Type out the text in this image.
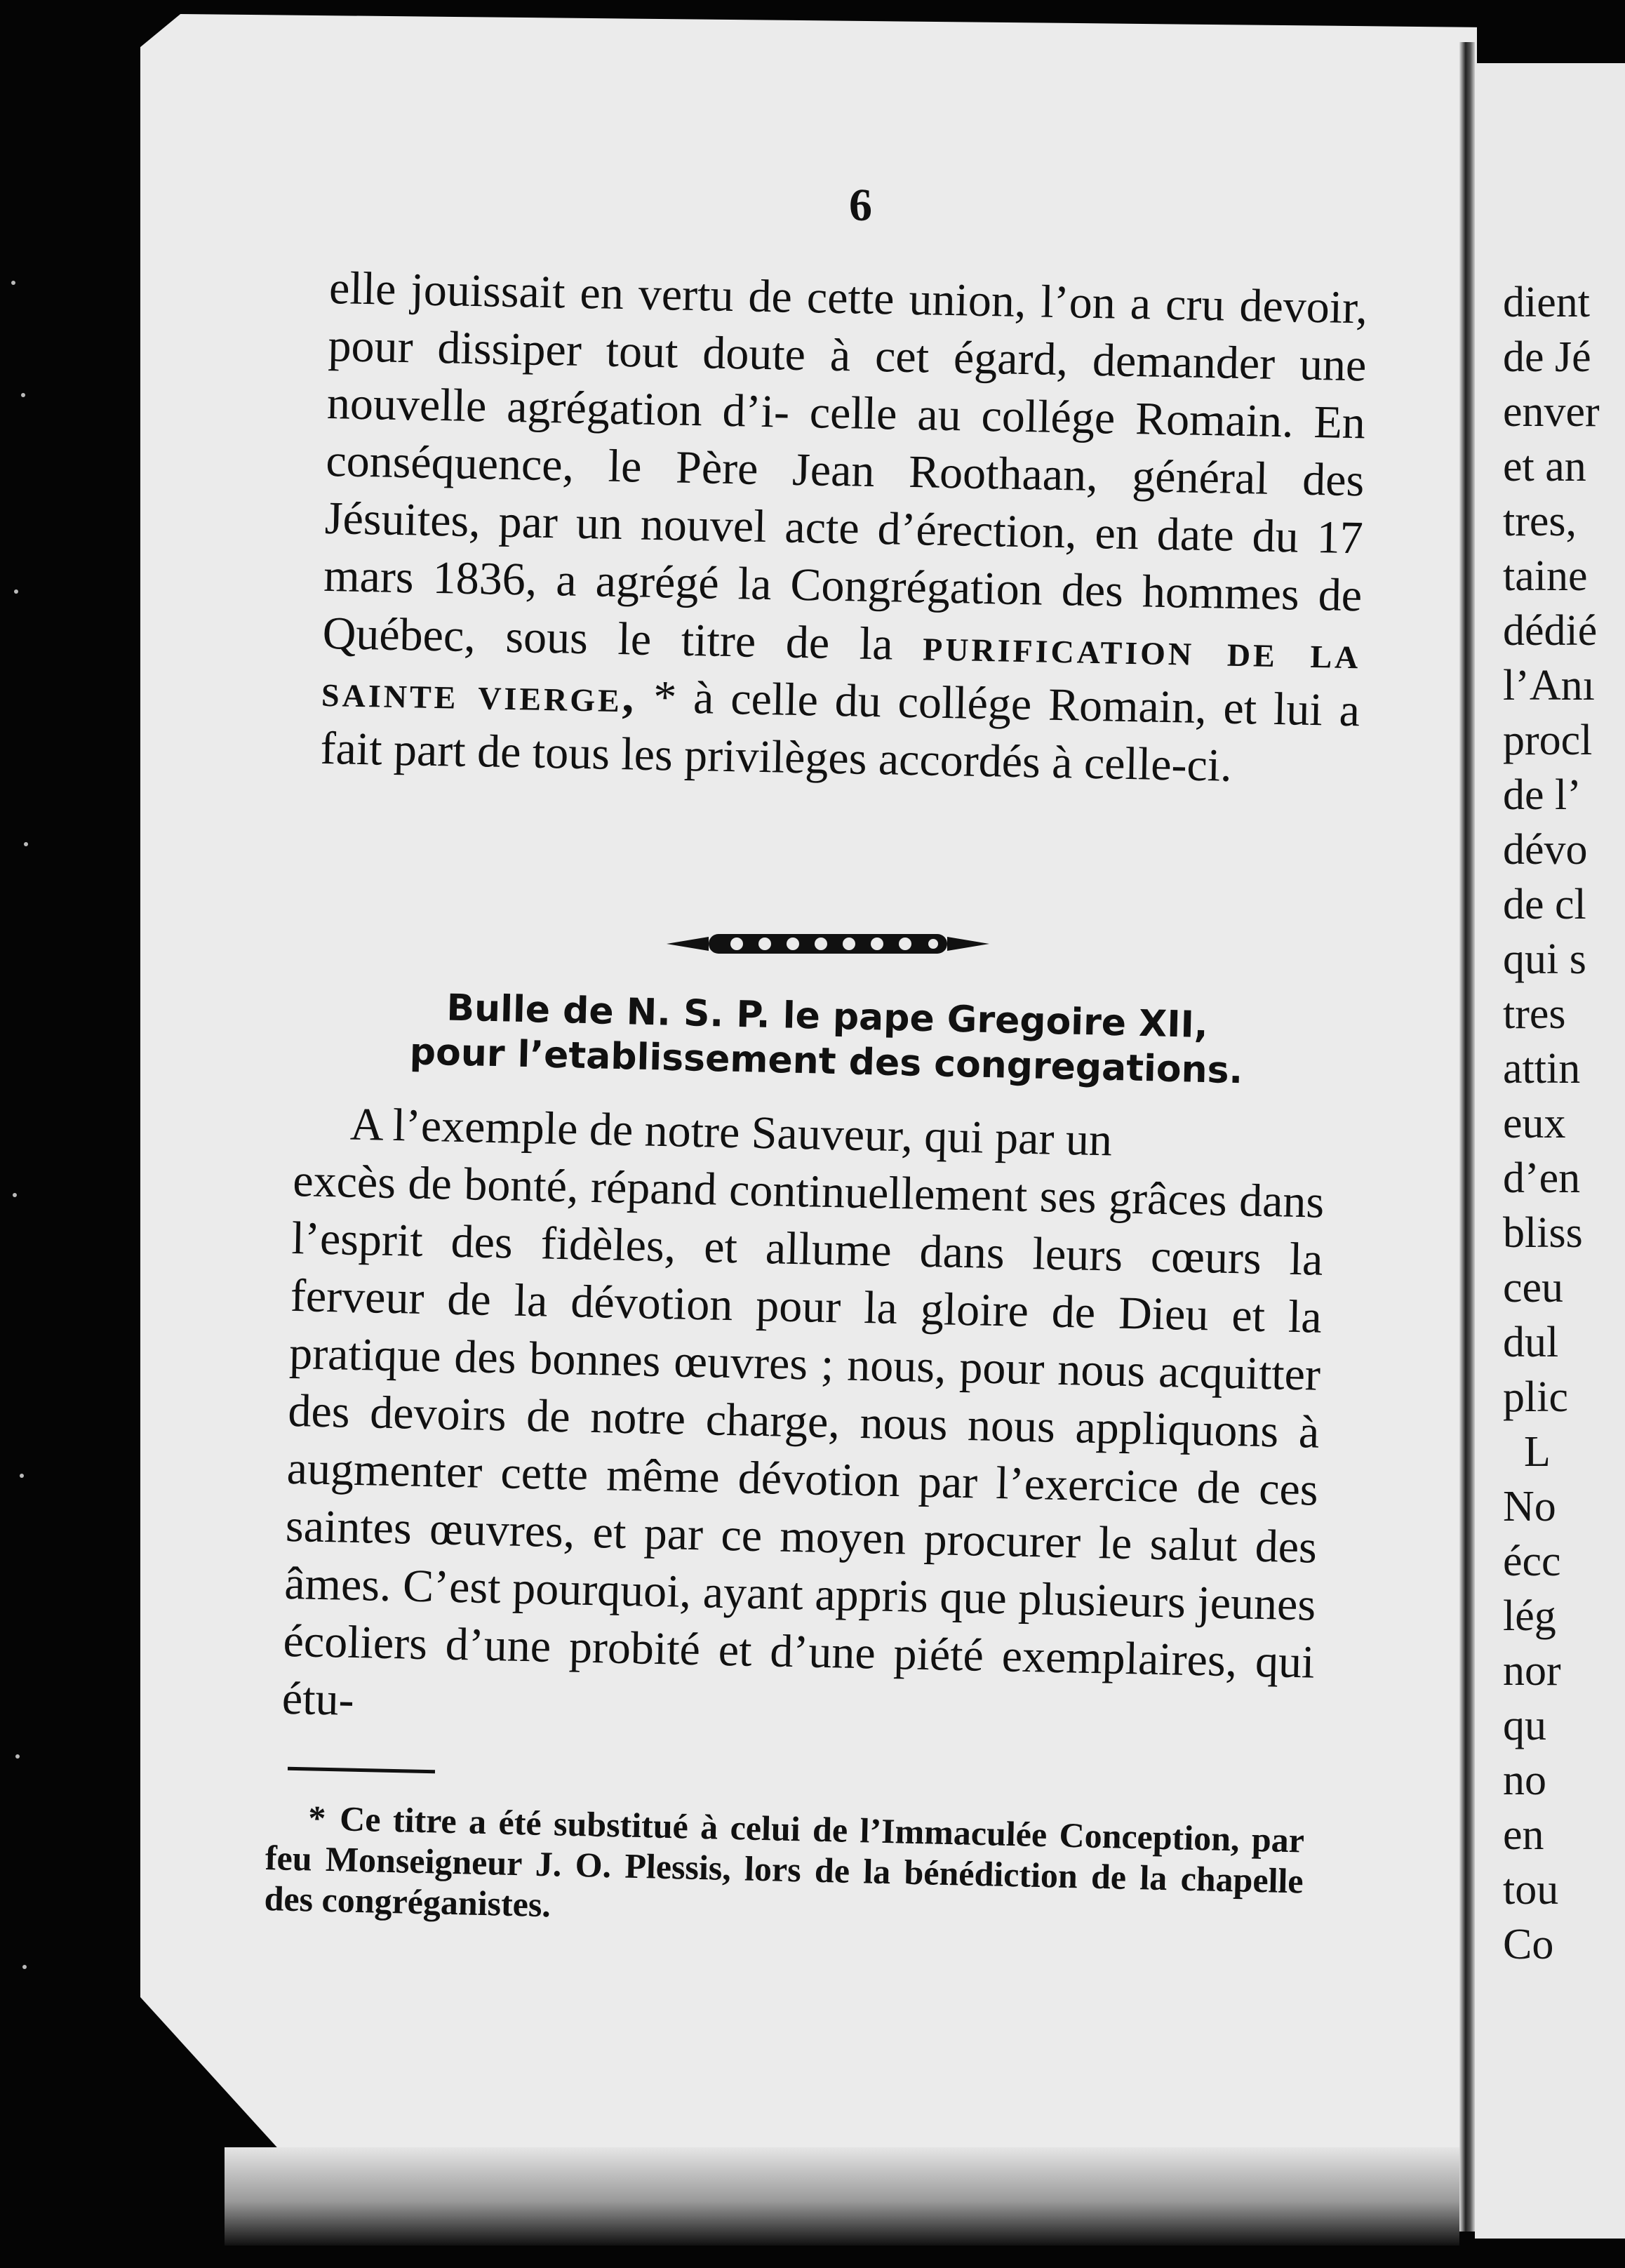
6

elle jouissait en vertu de cette union, l’on a cru devoir, pour dissiper tout doute à cet égard, demander une nouvelle agrégation d’i- celle au collége Romain. En conséquence, le Père Jean Roothaan, général des Jésuites, par un nouvel acte d’érection, en date du 17 mars 1836, a agrégé la Congrégation des hommes de Québec, sous le titre de la purification de la sainte vierge, * à celle du collége Romain, et lui a fait part de tous les privilèges accordés à celle-ci.

Bulle de N. S. P. le pape Gregoire XII,
pour l’etablissement des congregations.

A l’exemple de notre Sauveur, qui par un
excès de bonté, répand continuellement ses grâces dans l’esprit des fidèles, et allume dans leurs cœurs la ferveur de la dévotion pour la gloire de Dieu et la pratique des bonnes œuvres ; nous, pour nous acquitter des devoirs de notre charge, nous nous appliquons à augmenter cette même dévotion par l’exercice de ces saintes œuvres, et par ce moyen procurer le salut des âmes. C’est pourquoi, ayant appris que plusieurs jeunes écoliers d’une probité et d’une piété exemplaires, qui étu-

* Ce titre a été substitué à celui de l’Immaculée Conception, par feu Monseigneur J. O. Plessis, lors de la bénédiction de la chapelle des congréganistes.

dient
de Jé
enver
et an
tres,
taine
dédié
l’Anı
procl
de l’
dévo
de cl
qui s
tres
attin
eux
d’en
bliss
ceu
dul
plic
L
No
écc
lég
nor
qu
no
en
tou
Co
